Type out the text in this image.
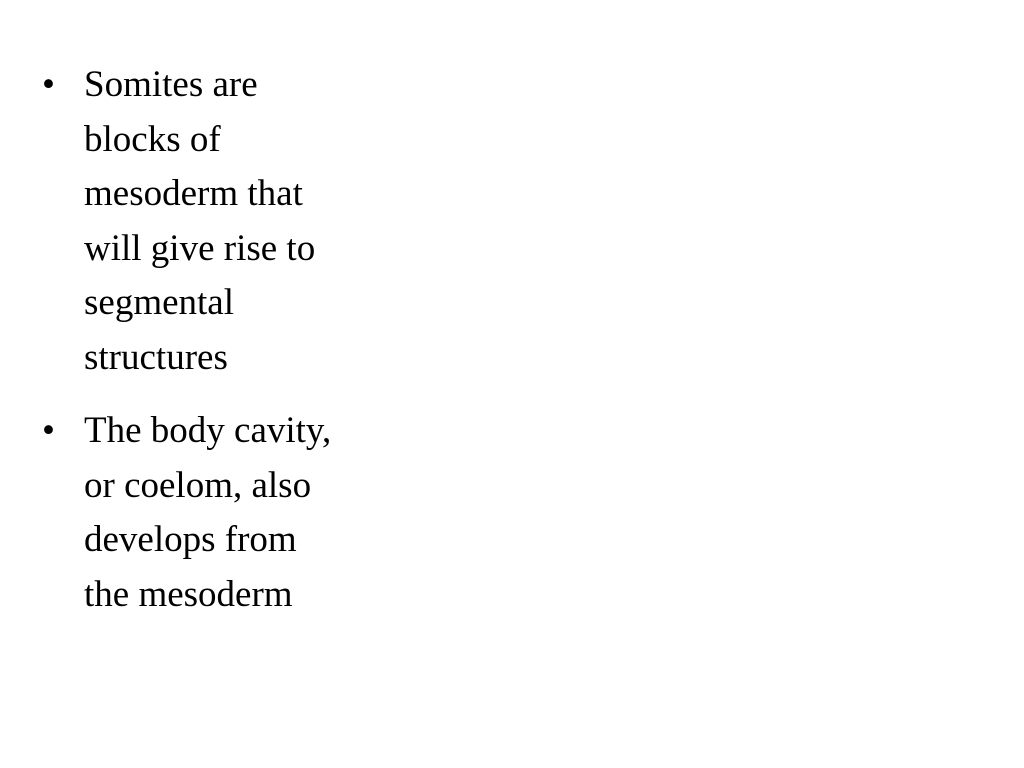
• Somites are
blocks of
mesoderm that
will give rise to
segmental
structures
• The body cavity,
or coelom, also
develops from
the mesoderm
